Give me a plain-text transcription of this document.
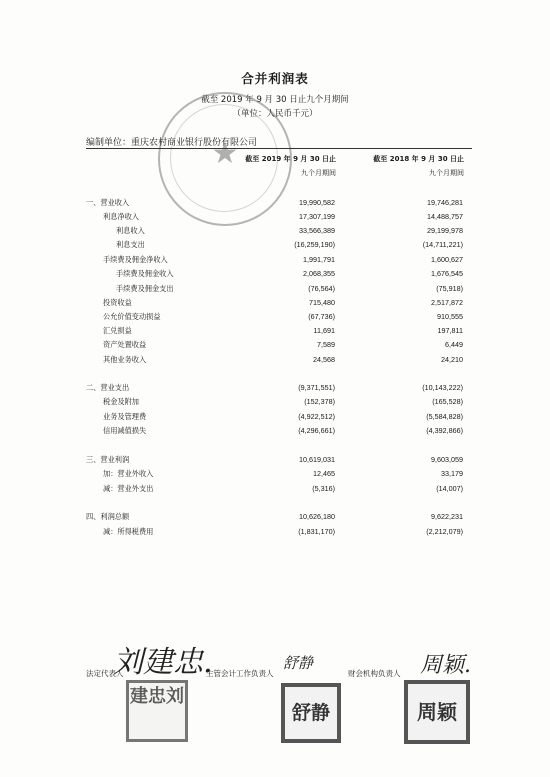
合并利润表
截至 2019 年 9 月 30 日止九个月期间
（单位：人民币千元）
★
编制单位：重庆农村商业银行股份有限公司
截至 2019 年 9 月 30 日止
九个月期间
截至 2018 年 9 月 30 日止
九个月期间
一、营业收入	19,990,582	19,746,281
利息净收入	17,307,199	14,488,757
利息收入	33,566,389	29,199,978
利息支出	(16,259,190)	(14,711,221)
手续费及佣金净收入	1,991,791	1,600,627
手续费及佣金收入	2,068,355	1,676,545
手续费及佣金支出	(76,564)	(75,918)
投资收益	715,480	2,517,872
公允价值变动损益	(67,736)	910,555
汇兑损益	11,691	197,811
资产处置收益	7,589	6,449
其他业务收入	24,568	24,210
二、营业支出	(9,371,551)	(10,143,222)
税金及附加	(152,378)	(165,528)
业务及管理费	(4,922,512)	(5,584,828)
信用减值损失	(4,296,661)	(4,392,866)
三、营业利润	10,619,031	9,603,059
加：营业外收入	12,465	33,179
减：营业外支出	(5,316)	(14,007)
四、利润总额	10,626,180	9,622,231
减：所得税费用	(1,831,170)	(2,212,079)
刘建忠.
法定代表人
建忠刘
舒静
主管会计工作负责人
舒静
周颖.
财会机构负责人
周颖
